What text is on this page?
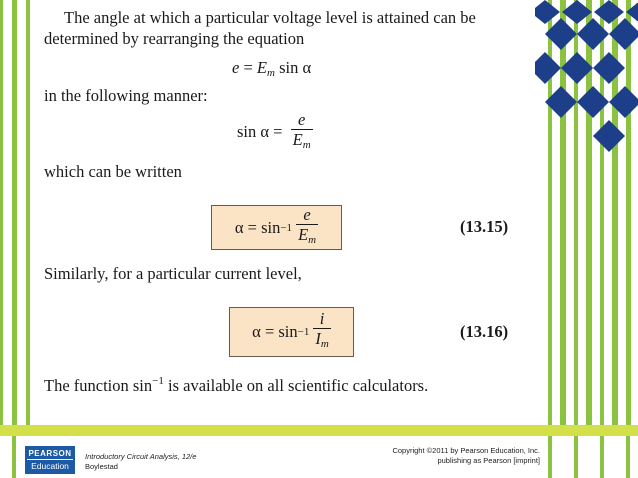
The angle at which a particular voltage level is attained can be
determined by rearranging the equation
$e = E_m$ sin α
in the following manner:
$\sin \alpha = \frac{e}{E_m}$
which can be written
$\alpha = \sin -1 \frac{e}{E_m}$	(13.15)
Similarly, for a particular current level,
$\alpha = \sin -1 \frac{i}{I_m}$	(13.16)
The function $\sin^{-1}$ is available on all scientific calculators.
PEARSON
Education
Introductory Circuit Analysis, 12/e
Boylestad
Copyright ©2011 by Pearson Education, Inc.
publishing as Pearson [imprint]
